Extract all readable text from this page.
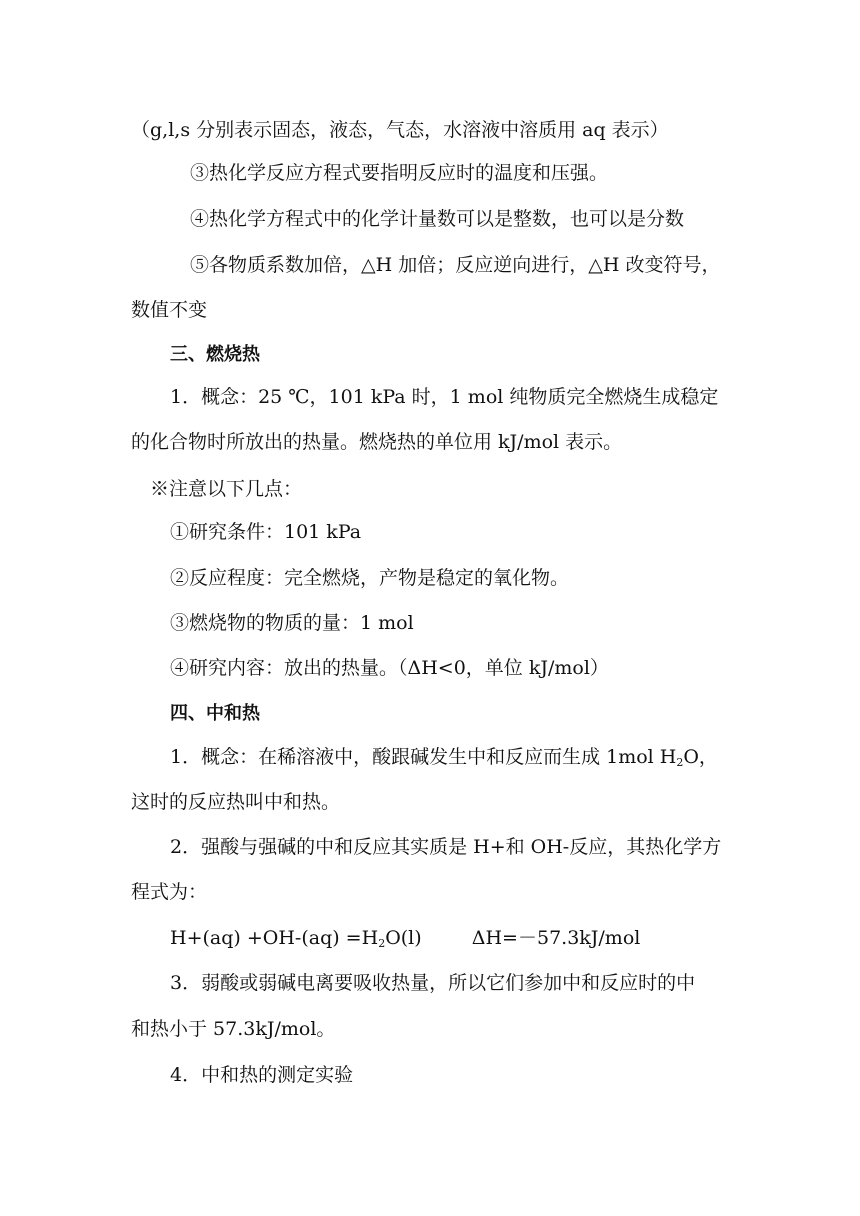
（g,l,s 分别表示固态，液态，气态，水溶液中溶质用 aq 表示）
③热化学反应方程式要指明反应时的温度和压强。
④热化学方程式中的化学计量数可以是整数，也可以是分数
⑤各物质系数加倍，△H 加倍；反应逆向进行，△H 改变符号，
数值不变
三、燃烧热
1．概念：25 ℃，101 kPa 时，1 mol 纯物质完全燃烧生成稳定
的化合物时所放出的热量。燃烧热的单位用 kJ/mol 表示。
※注意以下几点：
①研究条件：101 kPa
②反应程度：完全燃烧，产物是稳定的氧化物。
③燃烧物的物质的量：1 mol
④研究内容：放出的热量。（ΔH<0，单位 kJ/mol）
四、中和热
1．概念：在稀溶液中，酸跟碱发生中和反应而生成 1mol $H_2O$，
这时的反应热叫中和热。
2．强酸与强碱的中和反应其实质是 H+和 OH-反应，其热化学方
程式为：
$H+(aq) +OH-(aq) =H_2O(l)$	ΔH=－57.3kJ/mol
3．弱酸或弱碱电离要吸收热量，所以它们参加中和反应时的中
和热小于 57.3kJ/mol。
4．中和热的测定实验
